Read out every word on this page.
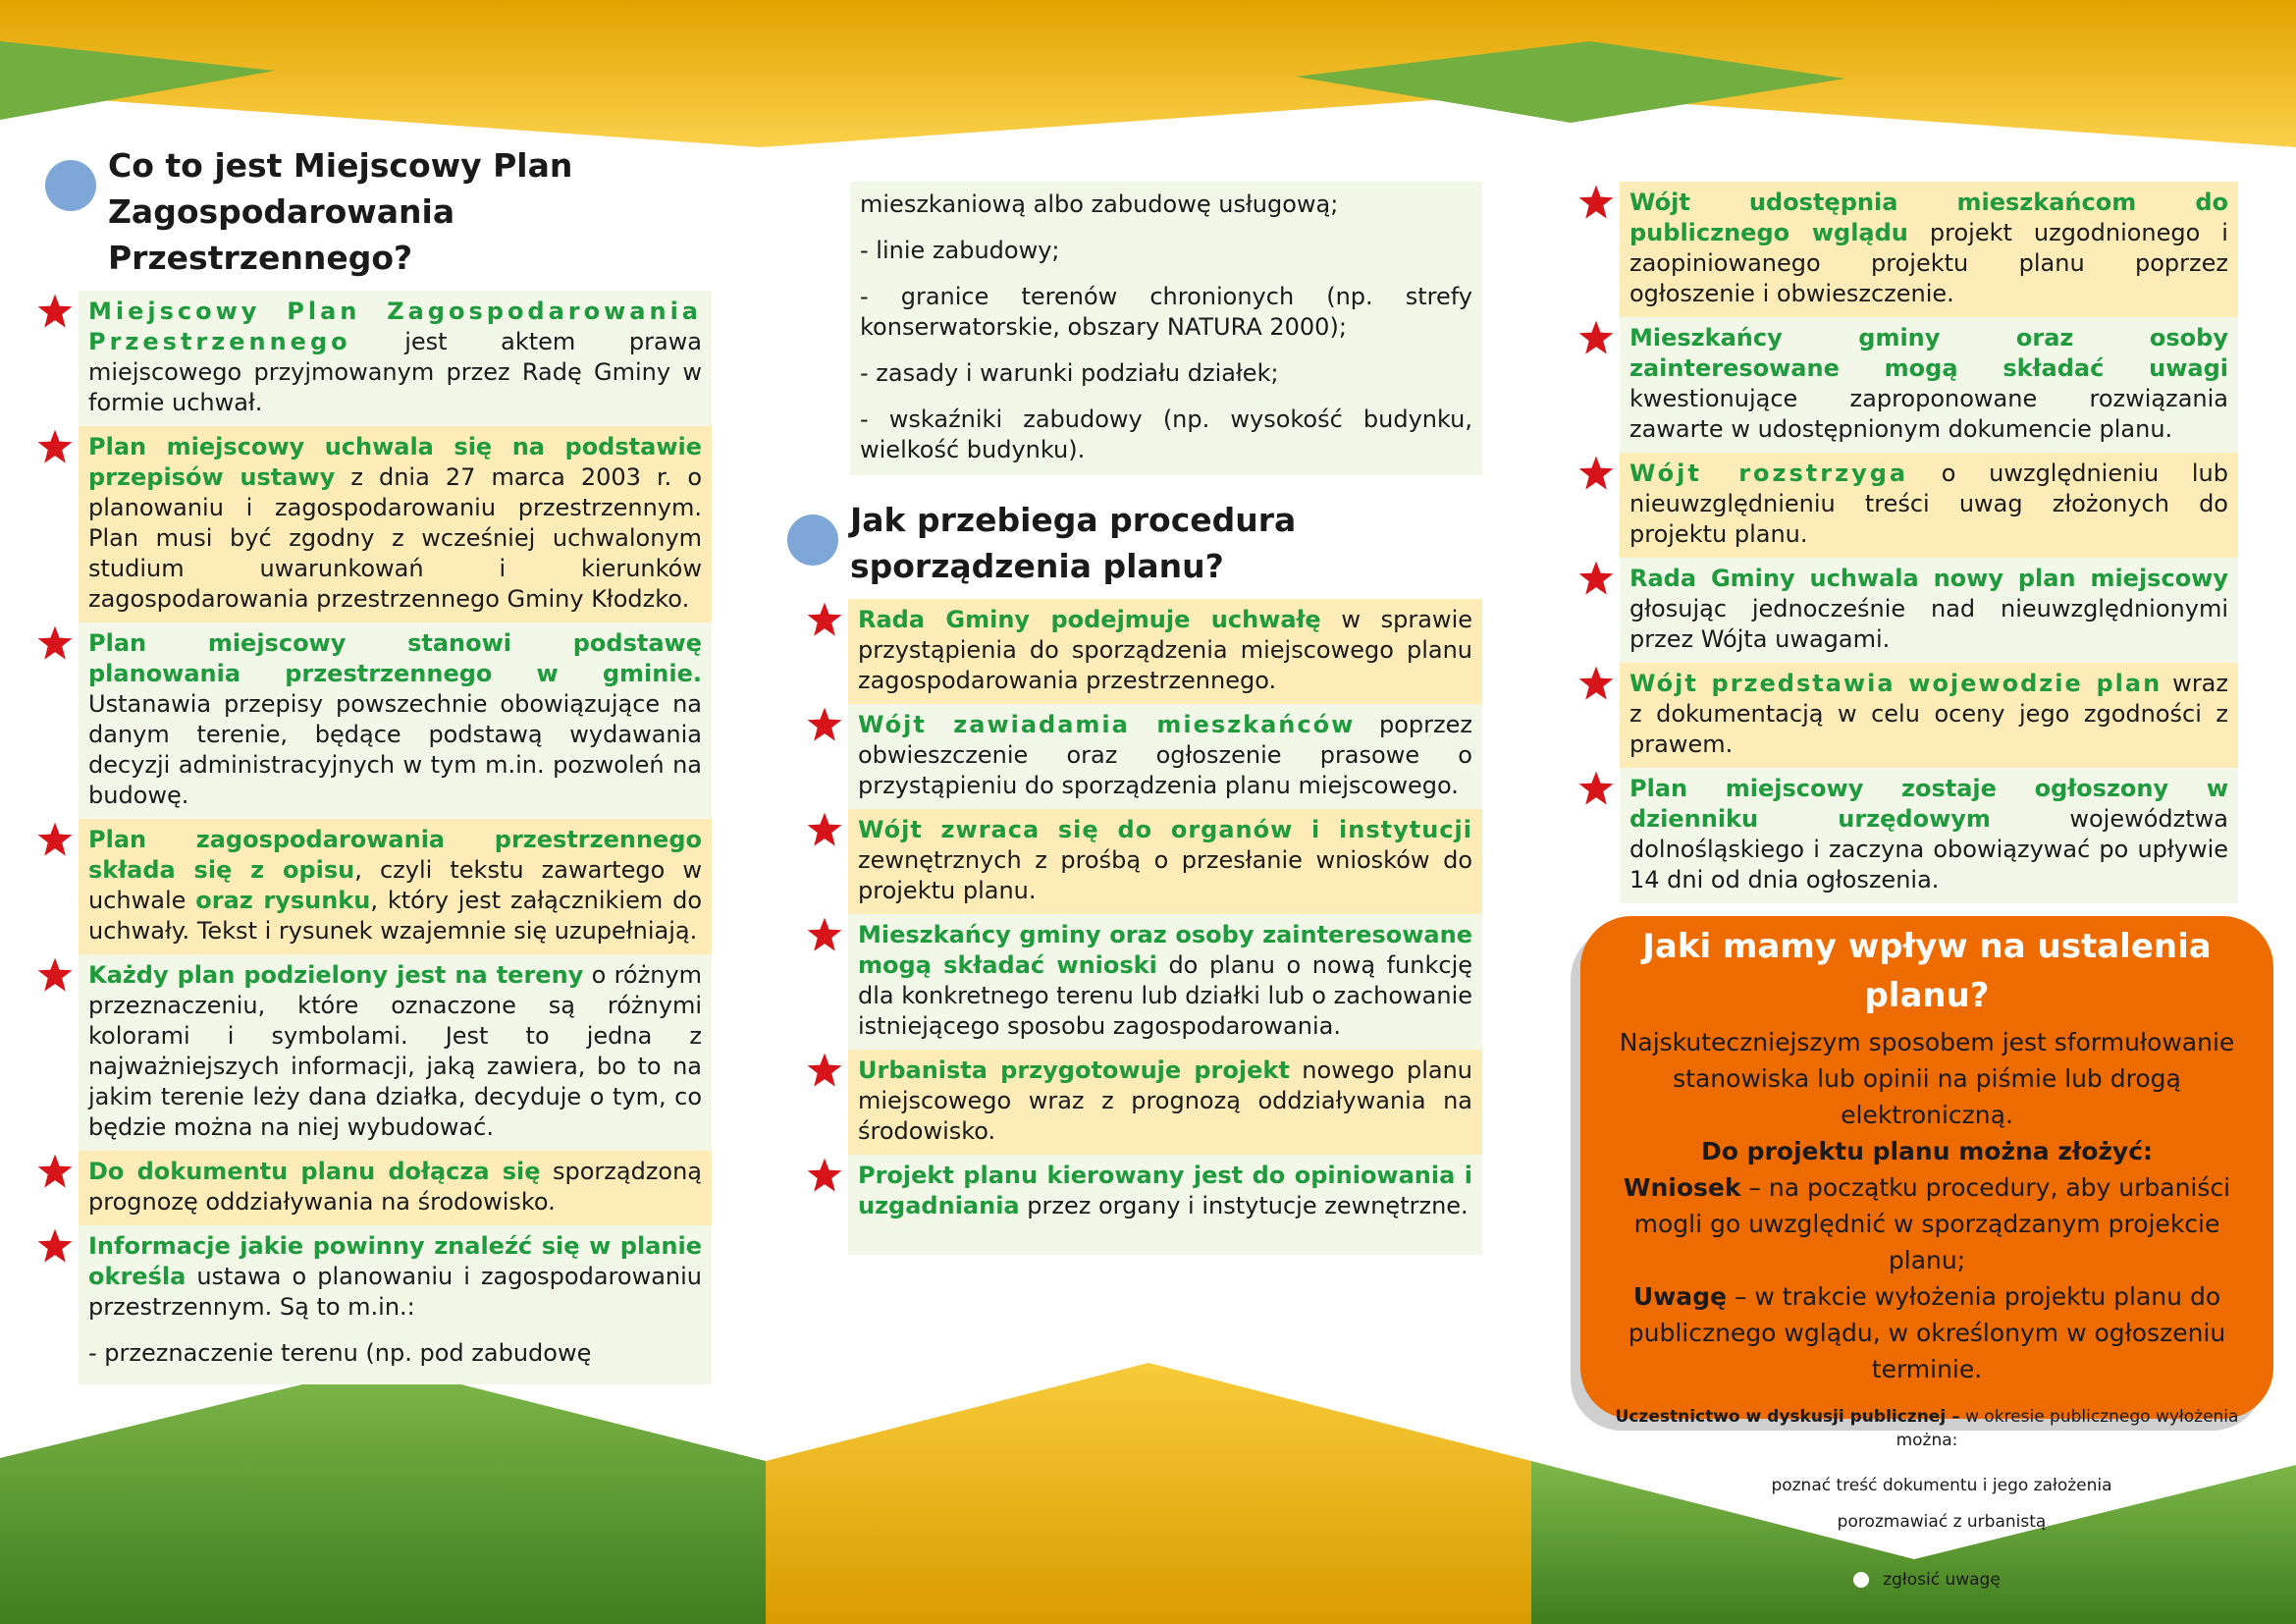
Co to jest Miejscowy Plan Zagospodarowania Przestrzennego?

Miejscowy Plan Zagospodarowania Przestrzennego jest aktem prawa miejscowego przyjmowanym przez Radę Gminy w formie uchwał.

Plan miejscowy uchwala się na podstawie przepisów ustawy z dnia 27 marca 2003 r. o planowaniu i zagospodarowaniu przestrzennym. Plan musi być zgodny z wcześniej uchwalonym studium uwarunkowań i kierunków zagospodarowania przestrzennego Gminy Kłodzko.

Plan miejscowy stanowi podstawę planowania przestrzennego w gminie. Ustanawia przepisy powszechnie obowiązujące na danym terenie, będące podstawą wydawania decyzji administracyjnych w tym m.in. pozwoleń na budowę.

Plan zagospodarowania przestrzennego składa się z opisu, czyli tekstu zawartego w uchwale oraz rysunku, który jest załącznikiem do uchwały. Tekst i rysunek wzajemnie się uzupełniają.

Każdy plan podzielony jest na tereny o różnym przeznaczeniu, które oznaczone są różnymi kolorami i symbolami. Jest to jedna z najważniejszych informacji, jaką zawiera, bo to na jakim terenie leży dana działka, decyduje o tym, co będzie można na niej wybudować.

Do dokumentu planu dołącza się sporządzoną prognozę oddziaływania na środowisko.

Informacje jakie powinny znaleźć się w planie określa ustawa o planowaniu i zagospodarowaniu przestrzennym. Są to m.in.:

- przeznaczenie terenu (np. pod zabudowę

mieszkaniową albo zabudowę usługową;

- linie zabudowy;

- granice terenów chronionych (np. strefy konserwatorskie, obszary NATURA 2000);

- zasady i warunki podziału działek;

- wskaźniki zabudowy (np. wysokość budynku, wielkość budynku).

Jak przebiega procedura sporządzenia planu?

Rada Gminy podejmuje uchwałę w sprawie przystąpienia do sporządzenia miejscowego planu zagospodarowania przestrzennego.

Wójt zawiadamia mieszkańców poprzez obwieszczenie oraz ogłoszenie prasowe o przystąpieniu do sporządzenia planu miejscowego.

Wójt zwraca się do organów i instytucji zewnętrznych z prośbą o przesłanie wniosków do projektu planu.

Mieszkańcy gminy oraz osoby zainteresowane mogą składać wnioski do planu o nową funkcję dla konkretnego terenu lub działki lub o zachowanie istniejącego sposobu zagospodarowania.

Urbanista przygotowuje projekt nowego planu miejscowego wraz z prognozą oddziaływania na środowisko.

Projekt planu kierowany jest do opiniowania i uzgadniania przez organy i instytucje zewnętrzne.

Wójt udostępnia mieszkańcom do publicznego wglądu projekt uzgodnionego i zaopiniowanego projektu planu poprzez ogłoszenie i obwieszczenie.

Mieszkańcy gminy oraz osoby zainteresowane mogą składać uwagi kwestionujące zaproponowane rozwiązania zawarte w udostępnionym dokumencie planu.

Wójt rozstrzyga o uwzględnieniu lub nieuwzględnieniu treści uwag złożonych do projektu planu.

Rada Gminy uchwala nowy plan miejscowy głosując jednocześnie nad nieuwzględnionymi przez Wójta uwagami.

Wójt przedstawia wojewodzie plan wraz z dokumentacją w celu oceny jego zgodności z prawem.

Plan miejscowy zostaje ogłoszony w dzienniku urzędowym województwa dolnośląskiego i zaczyna obowiązywać po upływie 14 dni od dnia ogłoszenia.

Jaki mamy wpływ na ustalenia planu?
Najskuteczniejszym sposobem jest sformułowanie stanowiska lub opinii na piśmie lub drogą elektroniczną.
Do projektu planu można złożyć:
Wniosek – na początku procedury, aby urbaniści mogli go uwzględnić w sporządzanym projekcie planu;
Uwagę – w trakcie wyłożenia projektu planu do publicznego wglądu, w określonym w ogłoszeniu terminie.
Uczestnictwo w dyskusji publicznej – w okresie publicznego wyłożenia można:
poznać treść dokumentu i jego założenia porozmawiać z urbanistą
zgłosić uwagę
